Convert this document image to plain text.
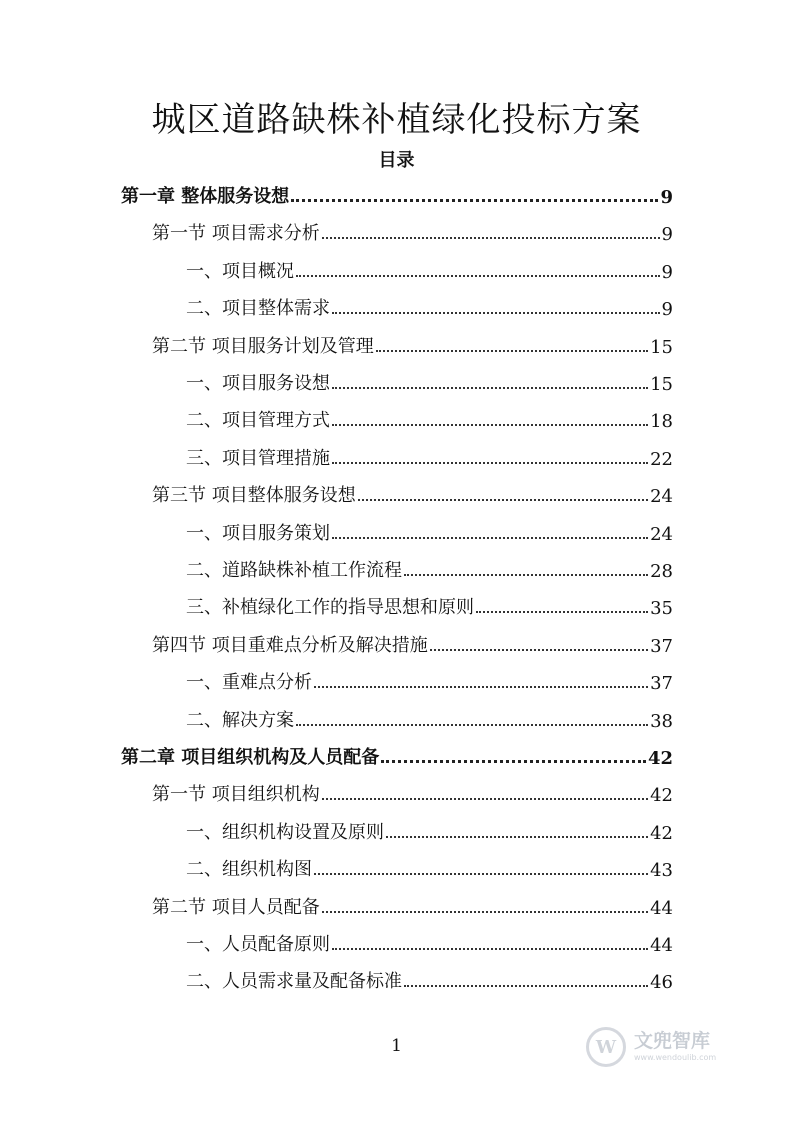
城区道路缺株补植绿化投标方案
目录
第一章 整体服务设想	9
第一节 项目需求分析	9
一、项目概况	9
二、项目整体需求	9
第二节 项目服务计划及管理	15
一、项目服务设想	15
二、项目管理方式	18
三、项目管理措施	22
第三节 项目整体服务设想	24
一、项目服务策划	24
二、道路缺株补植工作流程	28
三、补植绿化工作的指导思想和原则	35
第四节 项目重难点分析及解决措施	37
一、重难点分析	37
二、解决方案	38
第二章 项目组织机构及人员配备	42
第一节 项目组织机构	42
一、组织机构设置及原则	42
二、组织机构图	43
第二节 项目人员配备	44
一、人员配备原则	44
二、人员需求量及配备标准	46
1	W 文兜智库
www.wendoulib.com
